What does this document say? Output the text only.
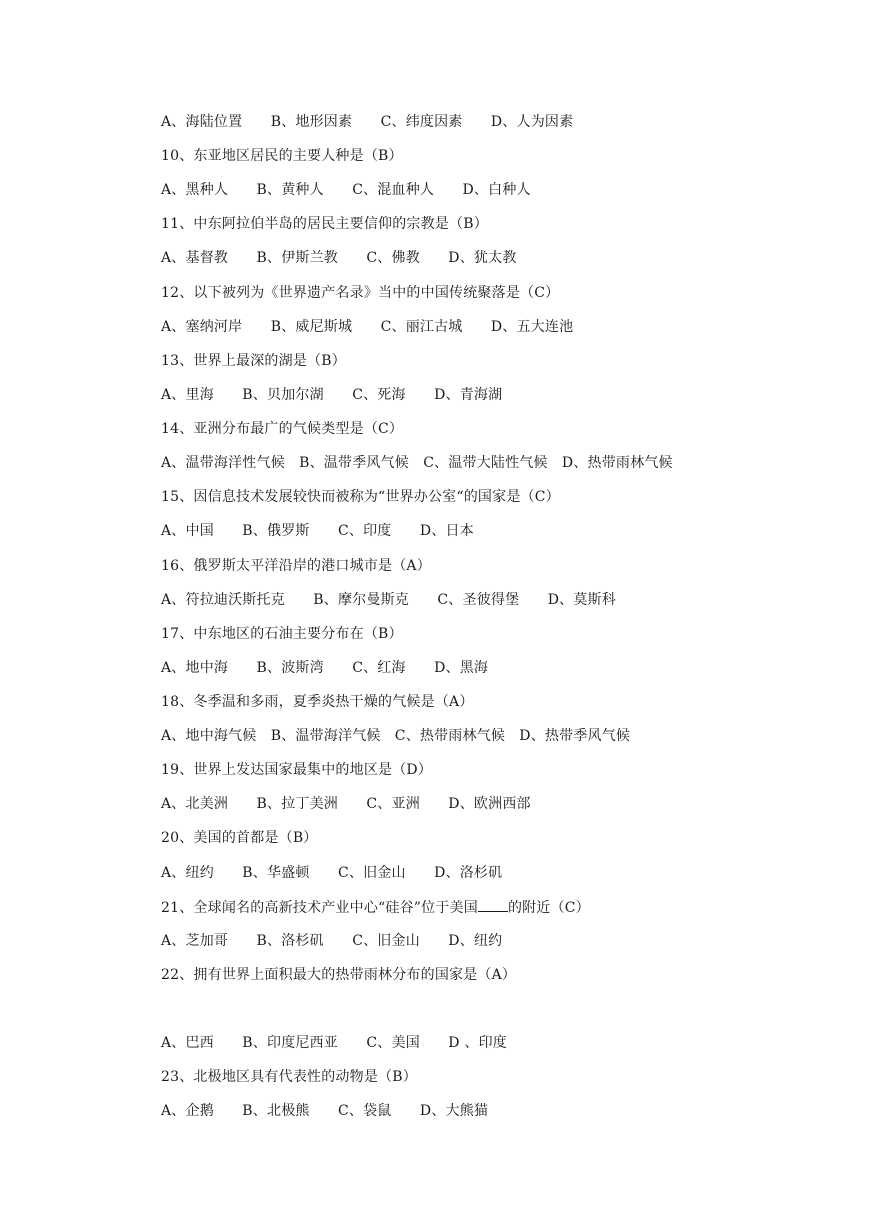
A、海陆位置　　B、地形因素　　C、纬度因素　　D、人为因素
10、东亚地区居民的主要人种是（B）
A、黑种人　　B、黄种人　　C、混血种人　　D、白种人
11、中东阿拉伯半岛的居民主要信仰的宗教是（B）
A、基督教　　B、伊斯兰教　　C、佛教　　D、犹太教
12、以下被列为《世界遗产名录》当中的中国传统聚落是（C）
A、塞纳河岸　　B、威尼斯城　　C、丽江古城　　D、五大连池
13、世界上最深的湖是（B）
A、里海　　B、贝加尔湖　　C、死海　　D、青海湖
14、亚洲分布最广的气候类型是（C）
A、温带海洋性气候　B、温带季风气候　C、温带大陆性气候　D、热带雨林气候
15、因信息技术发展较快而被称为“世界办公室“的国家是（C）
A、中国　　B、俄罗斯　　C、印度　　D、日本
16、俄罗斯太平洋沿岸的港口城市是（A）
A、符拉迪沃斯托克　　B、摩尔曼斯克　　C、圣彼得堡　　D、莫斯科
17、中东地区的石油主要分布在（B）
A、地中海　　B、波斯湾　　C、红海　　D、黑海
18、冬季温和多雨，夏季炎热干燥的气候是（A）
A、地中海气候　B、温带海洋气候　C、热带雨林气候　D、热带季风气候
19、世界上发达国家最集中的地区是（D）
A、北美洲　　B、拉丁美洲　　C、亚洲　　D、欧洲西部
20、美国的首都是（B）
A、纽约　　B、华盛顿　　C、旧金山　　D、洛杉矶
21、全球闻名的高新技术产业中心“硅谷”位于美国 的附近（C）
A、芝加哥　　B、洛杉矶　　C、旧金山　　D、纽约
22、拥有世界上面积最大的热带雨林分布的国家是（A）
A、巴西　　B、印度尼西亚　　C、美国　　D 、印度
23、北极地区具有代表性的动物是（B）
A、企鹅　　B、北极熊　　C、袋鼠　　D、大熊猫
